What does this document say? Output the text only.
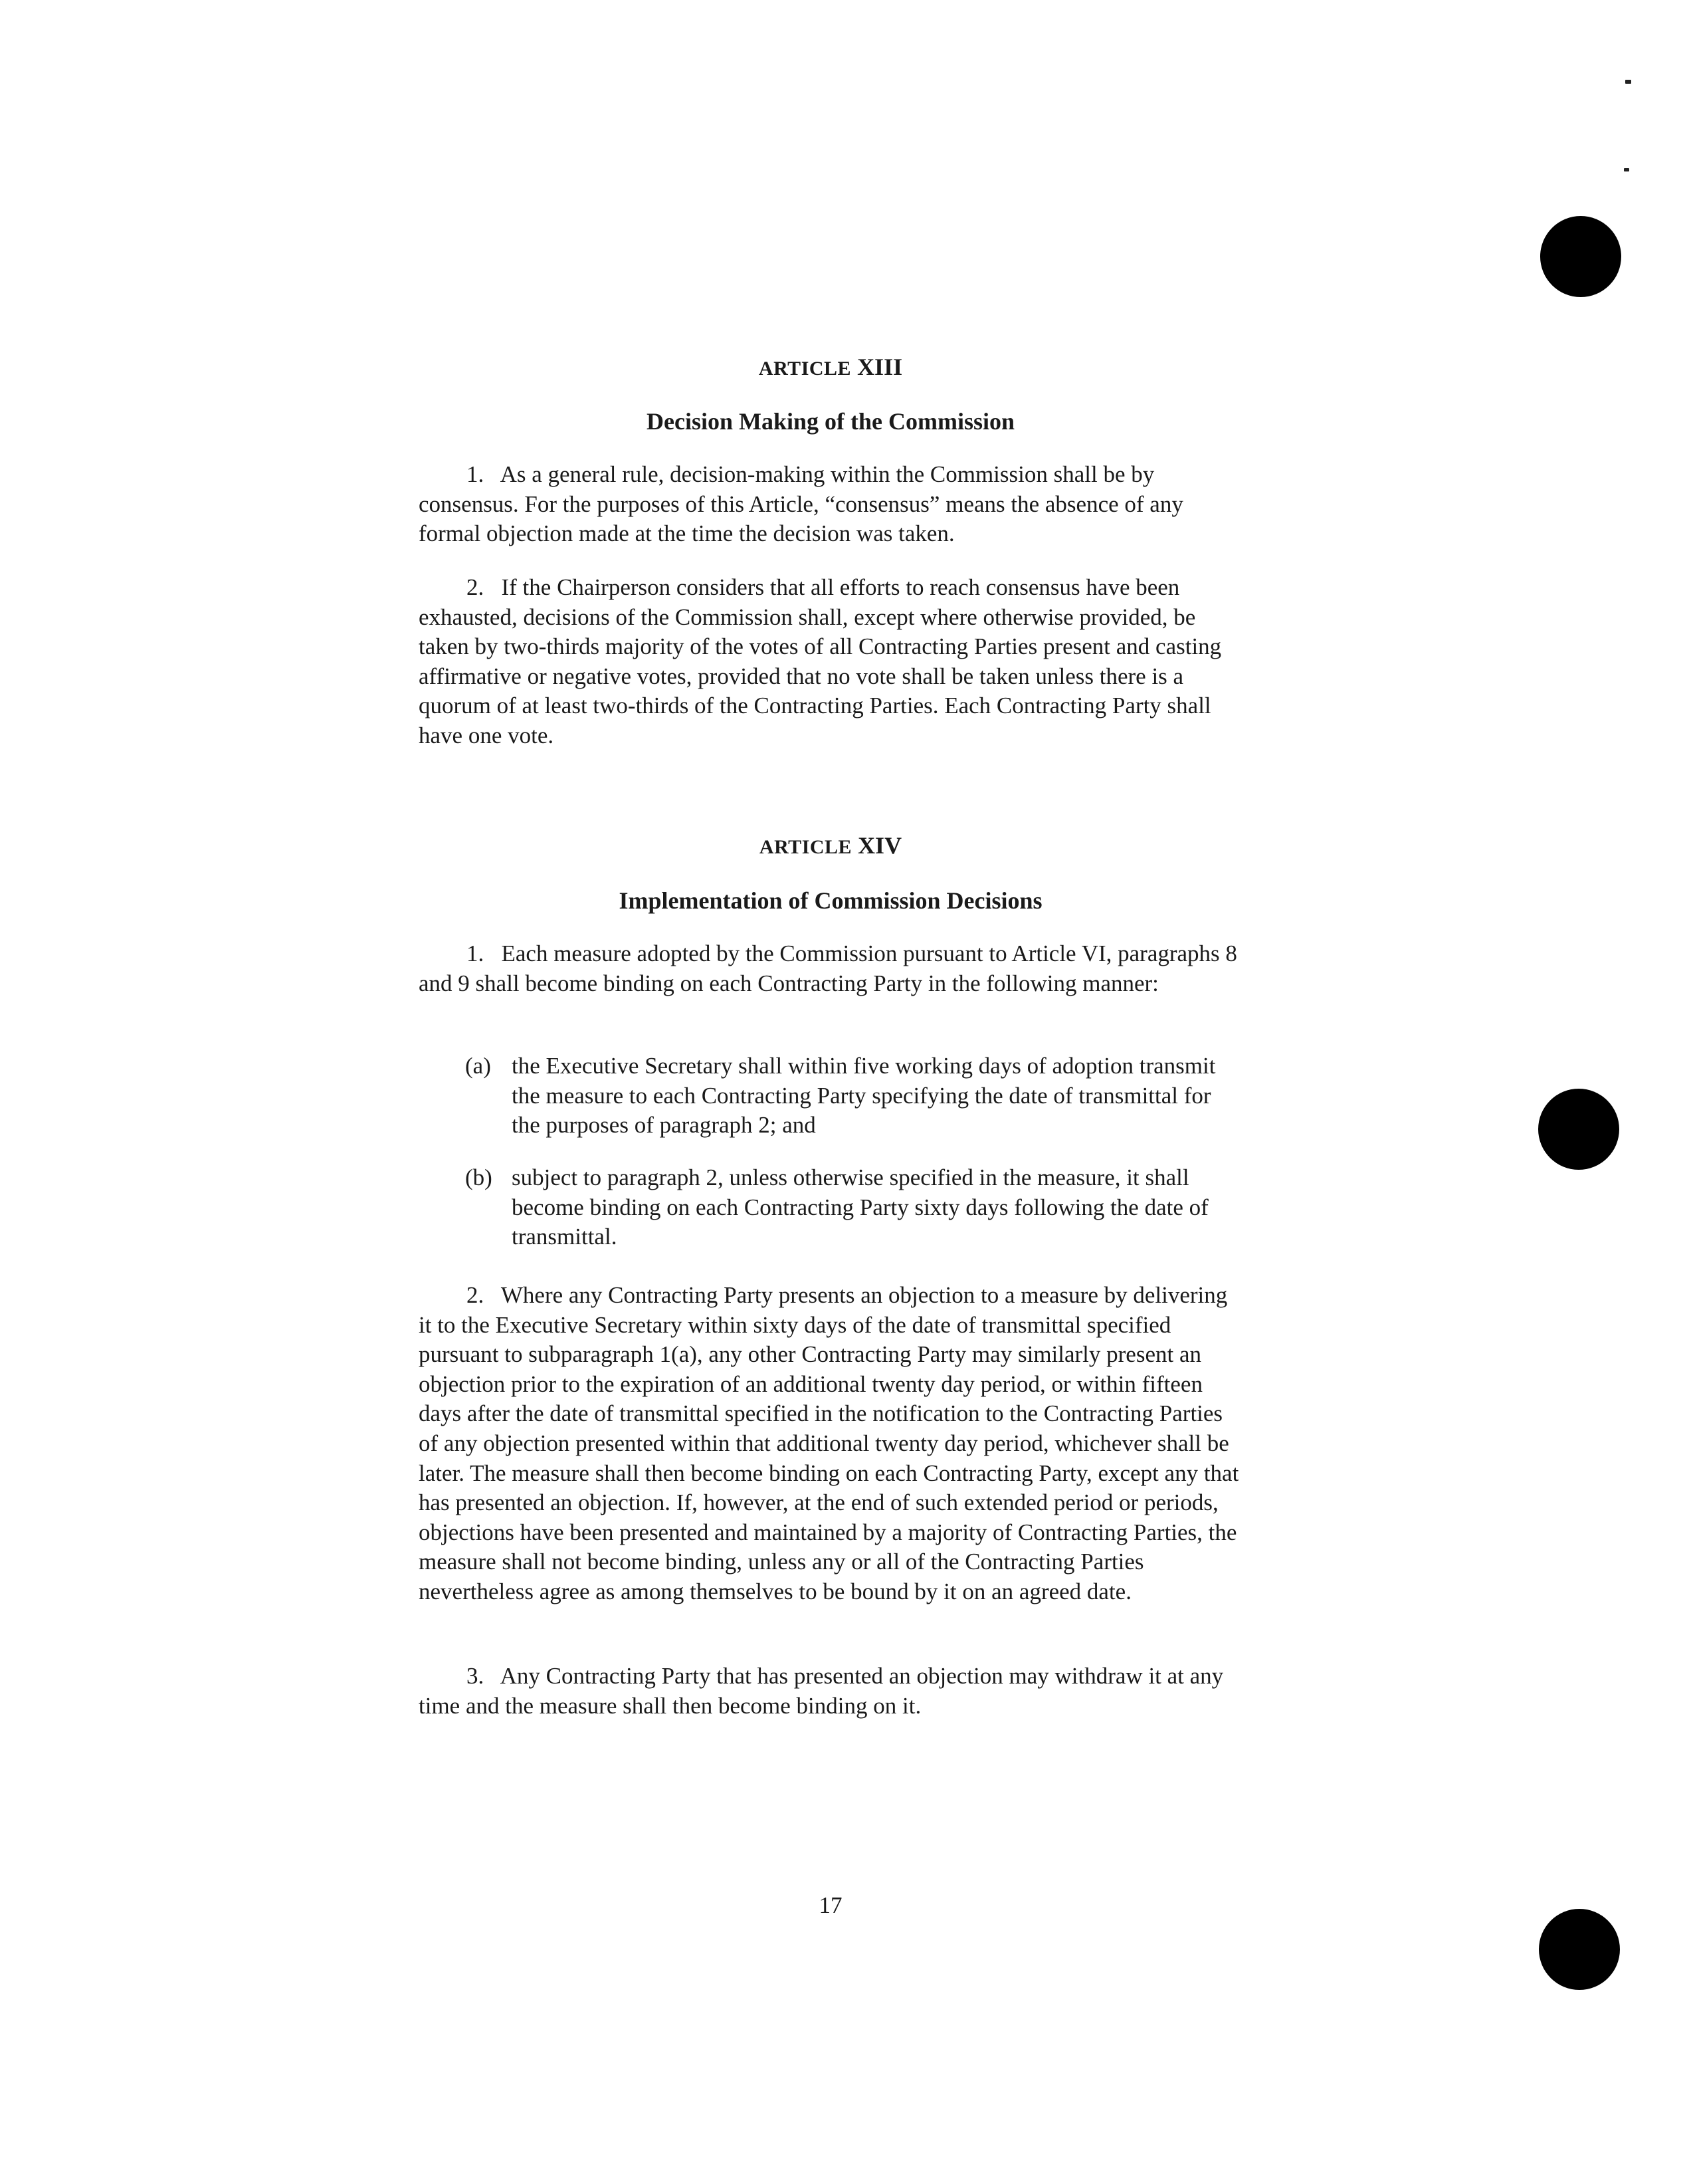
ARTICLE XIII
Decision Making of the Commission

1. As a general rule, decision-making within the Commission shall be by consensus. For the purposes of this Article, “consensus” means the absence of any formal objection made at the time the decision was taken.

2. If the Chairperson considers that all efforts to reach consensus have been exhausted, decisions of the Commission shall, except where otherwise provided, be taken by two-thirds majority of the votes of all Contracting Parties present and casting affirmative or negative votes, provided that no vote shall be taken unless there is a quorum of at least two-thirds of the Contracting Parties. Each Contracting Party shall have one vote.

ARTICLE XIV
Implementation of Commission Decisions

1. Each measure adopted by the Commission pursuant to Article VI, paragraphs 8 and 9 shall become binding on each Contracting Party in the following manner:

(a) the Executive Secretary shall within five working days of adoption transmit the measure to each Contracting Party specifying the date of transmittal for the purposes of paragraph 2; and

(b) subject to paragraph 2, unless otherwise specified in the measure, it shall become binding on each Contracting Party sixty days following the date of transmittal.

2. Where any Contracting Party presents an objection to a measure by delivering it to the Executive Secretary within sixty days of the date of transmittal specified pursuant to subparagraph 1(a), any other Contracting Party may similarly present an objection prior to the expiration of an additional twenty day period, or within fifteen days after the date of transmittal specified in the notification to the Contracting Parties of any objection presented within that additional twenty day period, whichever shall be later. The measure shall then become binding on each Contracting Party, except any that has presented an objection. If, however, at the end of such extended period or periods, objections have been presented and maintained by a majority of Contracting Parties, the measure shall not become binding, unless any or all of the Contracting Parties nevertheless agree as among themselves to be bound by it on an agreed date.

3. Any Contracting Party that has presented an objection may withdraw it at any time and the measure shall then become binding on it.

17
